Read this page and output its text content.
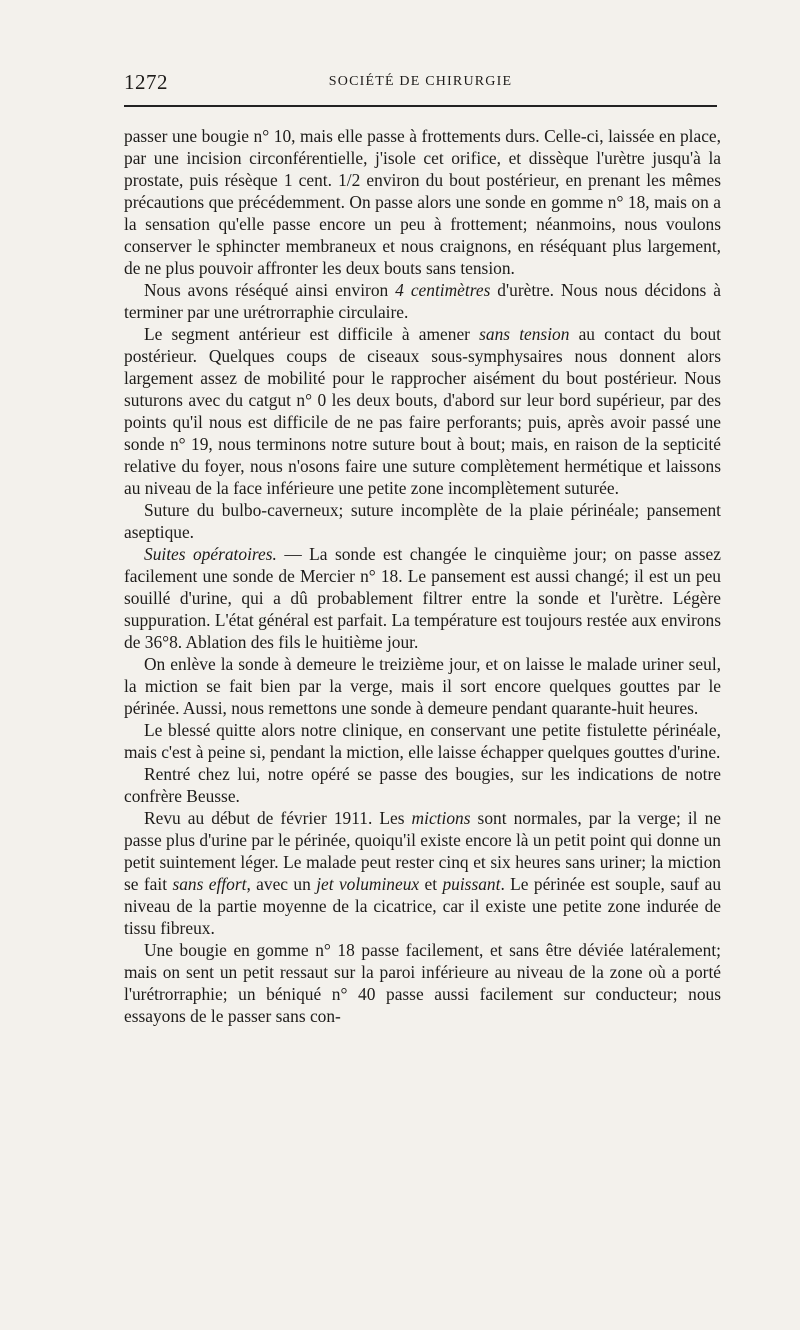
1272	SOCIÉTÉ DE CHIRURGIE

passer une bougie n° 10, mais elle passe à frottements durs. Celle-ci, laissée en place, par une incision circonférentielle, j'isole cet orifice, et dissèque l'urètre jusqu'à la prostate, puis résèque 1 cent. 1/2 environ du bout postérieur, en prenant les mêmes précautions que précédemment. On passe alors une sonde en gomme n° 18, mais on a la sensation qu'elle passe encore un peu à frottement; néanmoins, nous voulons conserver le sphincter membraneux et nous craignons, en réséquant plus largement, de ne plus pouvoir affronter les deux bouts sans tension.

Nous avons réséqué ainsi environ 4 centimètres d'urètre. Nous nous décidons à terminer par une urétrorraphie circulaire.

Le segment antérieur est difficile à amener sans tension au contact du bout postérieur. Quelques coups de ciseaux sous-symphysaires nous donnent alors largement assez de mobilité pour le rapprocher aisément du bout postérieur. Nous suturons avec du catgut n° 0 les deux bouts, d'abord sur leur bord supérieur, par des points qu'il nous est difficile de ne pas faire perforants; puis, après avoir passé une sonde n° 19, nous terminons notre suture bout à bout; mais, en raison de la septicité relative du foyer, nous n'osons faire une suture complètement hermétique et laissons au niveau de la face inférieure une petite zone incomplètement suturée.

Suture du bulbo-caverneux; suture incomplète de la plaie périnéale; pansement aseptique.

Suites opératoires. — La sonde est changée le cinquième jour; on passe assez facilement une sonde de Mercier n° 18. Le pansement est aussi changé; il est un peu souillé d'urine, qui a dû probablement filtrer entre la sonde et l'urètre. Légère suppuration. L'état général est parfait. La température est toujours restée aux environs de 36°8. Ablation des fils le huitième jour.

On enlève la sonde à demeure le treizième jour, et on laisse le malade uriner seul, la miction se fait bien par la verge, mais il sort encore quelques gouttes par le périnée. Aussi, nous remettons une sonde à demeure pendant quarante-huit heures.

Le blessé quitte alors notre clinique, en conservant une petite fistulette périnéale, mais c'est à peine si, pendant la miction, elle laisse échapper quelques gouttes d'urine.

Rentré chez lui, notre opéré se passe des bougies, sur les indications de notre confrère Beusse.

Revu au début de février 1911. Les mictions sont normales, par la verge; il ne passe plus d'urine par le périnée, quoiqu'il existe encore là un petit point qui donne un petit suintement léger. Le malade peut rester cinq et six heures sans uriner; la miction se fait sans effort, avec un jet volumineux et puissant. Le périnée est souple, sauf au niveau de la partie moyenne de la cicatrice, car il existe une petite zone indurée de tissu fibreux.

Une bougie en gomme n° 18 passe facilement, et sans être déviée latéralement; mais on sent un petit ressaut sur la paroi inférieure au niveau de la zone où a porté l'urétrorraphie; un béniqué n° 40 passe aussi facilement sur conducteur; nous essayons de le passer sans con-
